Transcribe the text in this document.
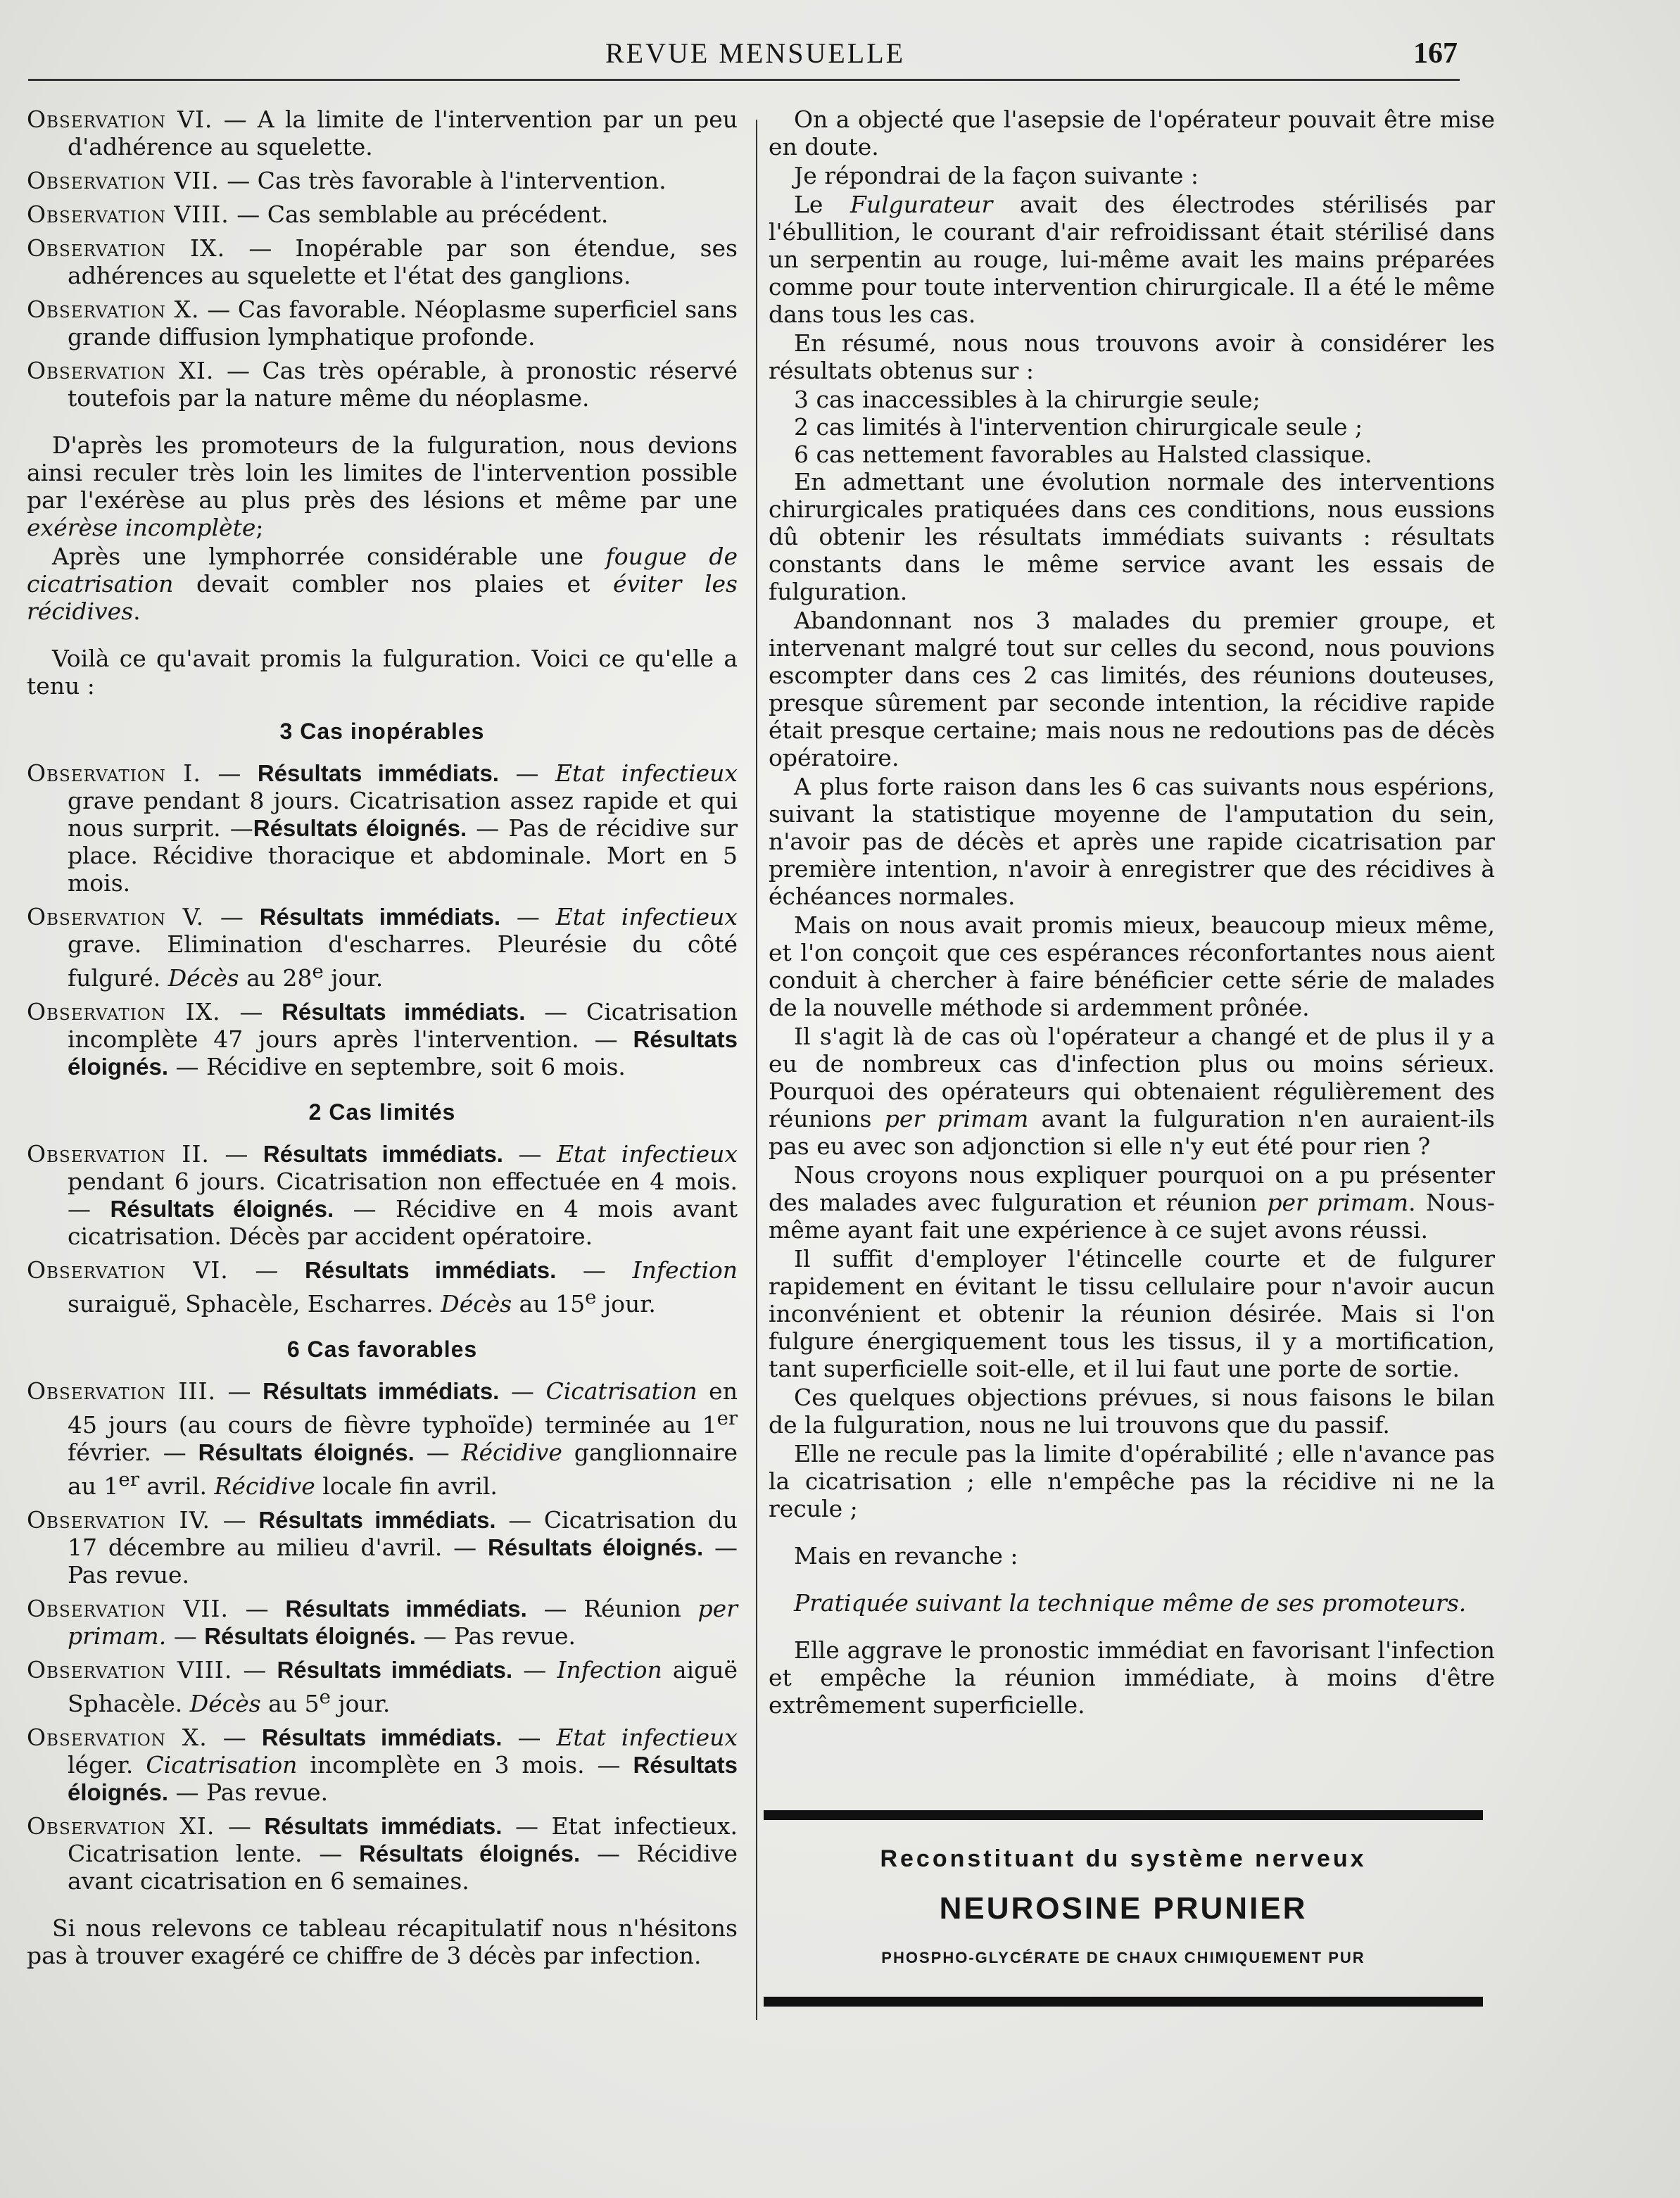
REVUE MENSUELLE	167

Observation VI. — A la limite de l'intervention par un peu d'adhérence au squelette.

Observation VII. — Cas très favorable à l'intervention.

Observation VIII. — Cas semblable au précédent.

Observation IX. — Inopérable par son étendue, ses adhérences au squelette et l'état des ganglions.

Observation X. — Cas favorable. Néoplasme superficiel sans grande diffusion lymphatique profonde.

Observation XI. — Cas très opérable, à pronostic réservé toutefois par la nature même du néoplasme.

D'après les promoteurs de la fulguration, nous devions ainsi reculer très loin les limites de l'intervention possible par l'exérèse au plus près des lésions et même par une exérèse incomplète;

Après une lymphorrée considérable une fougue de cicatrisation devait combler nos plaies et éviter les récidives.

Voilà ce qu'avait promis la fulguration. Voici ce qu'elle a tenu :

3 Cas inopérables

Observation I. — Résultats immédiats. — Etat infectieux grave pendant 8 jours. Cicatrisation assez rapide et qui nous surprit. —Résultats éloignés. — Pas de récidive sur place. Récidive thoracique et abdominale. Mort en 5 mois.

Observation V. — Résultats immédiats. — Etat infectieux grave. Elimination d'escharres. Pleurésie du côté fulguré. Décès au 28e jour.

Observation IX. — Résultats immédiats. — Cicatrisation incomplète 47 jours après l'intervention. — Résultats éloignés. — Récidive en septembre, soit 6 mois.

2 Cas limités

Observation II. — Résultats immédiats. — Etat infectieux pendant 6 jours. Cicatrisation non effectuée en 4 mois. — Résultats éloignés. — Récidive en 4 mois avant cicatrisation. Décès par accident opératoire.

Observation VI. — Résultats immédiats. — Infection suraiguë, Sphacèle, Escharres. Décès au 15e jour.

6 Cas favorables

Observation III. — Résultats immédiats. — Cicatrisation en 45 jours (au cours de fièvre typhoïde) terminée au 1er février. — Résultats éloignés. — Récidive ganglionnaire au 1er avril. Récidive locale fin avril.

Observation IV. — Résultats immédiats. — Cicatrisation du 17 décembre au milieu d'avril. — Résultats éloignés. — Pas revue.

Observation VII. — Résultats immédiats. — Réunion per primam. — Résultats éloignés. — Pas revue.

Observation VIII. — Résultats immédiats. — Infection aiguë Sphacèle. Décès au 5e jour.

Observation X. — Résultats immédiats. — Etat infectieux léger. Cicatrisation incomplète en 3 mois. — Résultats éloignés. — Pas revue.

Observation XI. — Résultats immédiats. — Etat infectieux. Cicatrisation lente. — Résultats éloignés. — Récidive avant cicatrisation en 6 semaines.

Si nous relevons ce tableau récapitulatif nous n'hésitons pas à trouver exagéré ce chiffre de 3 décès par infection.

On a objecté que l'asepsie de l'opérateur pouvait être mise en doute.

Je répondrai de la façon suivante :

Le Fulgurateur avait des électrodes stérilisés par l'ébullition, le courant d'air refroidissant était stérilisé dans un serpentin au rouge, lui-même avait les mains préparées comme pour toute intervention chirurgicale. Il a été le même dans tous les cas.

En résumé, nous nous trouvons avoir à considérer les résultats obtenus sur :

3 cas inaccessibles à la chirurgie seule;

2 cas limités à l'intervention chirurgicale seule ;

6 cas nettement favorables au Halsted classique.

En admettant une évolution normale des interventions chirurgicales pratiquées dans ces conditions, nous eussions dû obtenir les résultats immédiats suivants : résultats constants dans le même service avant les essais de fulguration.

Abandonnant nos 3 malades du premier groupe, et intervenant malgré tout sur celles du second, nous pouvions escompter dans ces 2 cas limités, des réunions douteuses, presque sûrement par seconde intention, la récidive rapide était presque certaine; mais nous ne redoutions pas de décès opératoire.

A plus forte raison dans les 6 cas suivants nous espérions, suivant la statistique moyenne de l'amputation du sein, n'avoir pas de décès et après une rapide cicatrisation par première intention, n'avoir à enregistrer que des récidives à échéances normales.

Mais on nous avait promis mieux, beaucoup mieux même, et l'on conçoit que ces espérances réconfortantes nous aient conduit à chercher à faire bénéficier cette série de malades de la nouvelle méthode si ardemment prônée.

Il s'agit là de cas où l'opérateur a changé et de plus il y a eu de nombreux cas d'infection plus ou moins sérieux. Pourquoi des opérateurs qui obtenaient régulièrement des réunions per primam avant la fulguration n'en auraient-ils pas eu avec son adjonction si elle n'y eut été pour rien ?

Nous croyons nous expliquer pourquoi on a pu présenter des malades avec fulguration et réunion per primam. Nous-même ayant fait une expérience à ce sujet avons réussi.

Il suffit d'employer l'étincelle courte et de fulgurer rapidement en évitant le tissu cellulaire pour n'avoir aucun inconvénient et obtenir la réunion désirée. Mais si l'on fulgure énergiquement tous les tissus, il y a mortification, tant superficielle soit-elle, et il lui faut une porte de sortie.

Ces quelques objections prévues, si nous faisons le bilan de la fulguration, nous ne lui trouvons que du passif.

Elle ne recule pas la limite d'opérabilité ; elle n'avance pas la cicatrisation ; elle n'empêche pas la récidive ni ne la recule ;

Mais en revanche :

Pratiquée suivant la technique même de ses promoteurs.

Elle aggrave le pronostic immédiat en favorisant l'infection et empêche la réunion immédiate, à moins d'être extrêmement superficielle.

Reconstituant du système nerveux
NEUROSINE PRUNIER
PHOSPHO-GLYCÉRATE DE CHAUX CHIMIQUEMENT PUR
